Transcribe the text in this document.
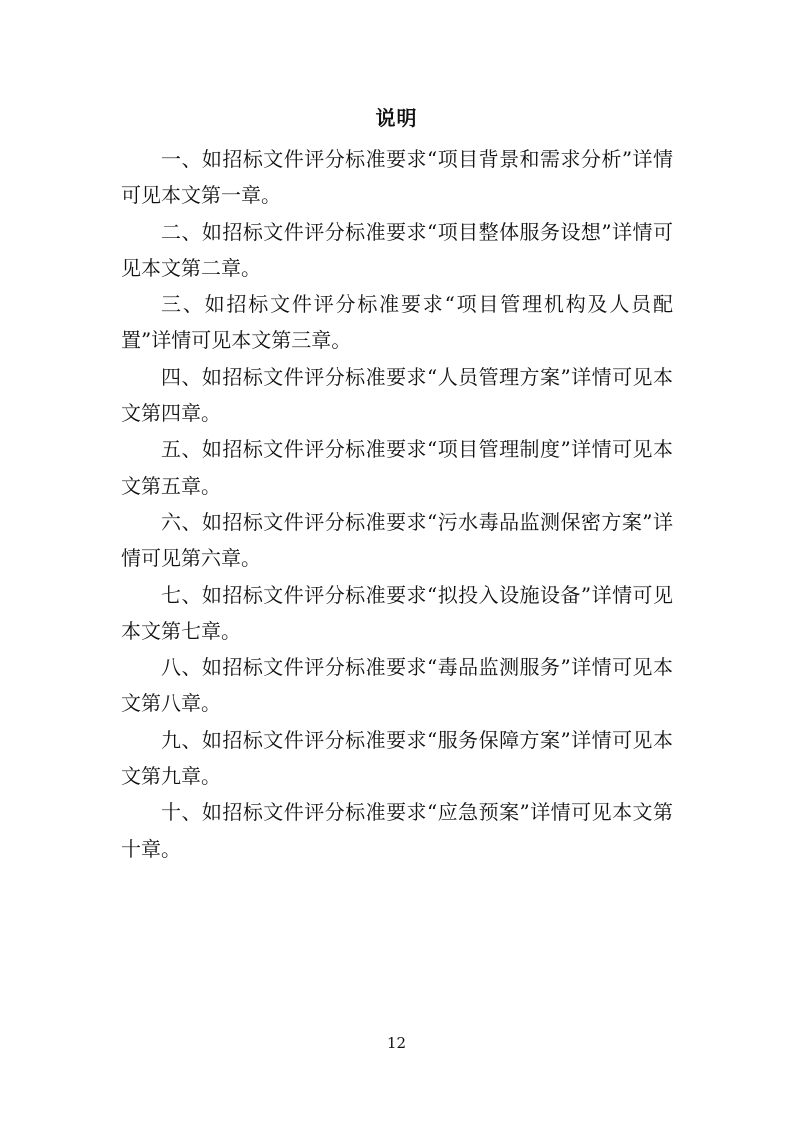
说明
一、如招标文件评分标准要求“项目背景和需求分析”详情可见本文第一章。
二、如招标文件评分标准要求“项目整体服务设想”详情可见本文第二章。
三、如招标文件评分标准要求“项目管理机构及人员配置”详情可见本文第三章。
四、如招标文件评分标准要求“人员管理方案”详情可见本文第四章。
五、如招标文件评分标准要求“项目管理制度”详情可见本文第五章。
六、如招标文件评分标准要求“污水毒品监测保密方案”详情可见第六章。
七、如招标文件评分标准要求“拟投入设施设备”详情可见本文第七章。
八、如招标文件评分标准要求“毒品监测服务”详情可见本文第八章。
九、如招标文件评分标准要求“服务保障方案”详情可见本文第九章。
十、如招标文件评分标准要求“应急预案”详情可见本文第十章。
12
